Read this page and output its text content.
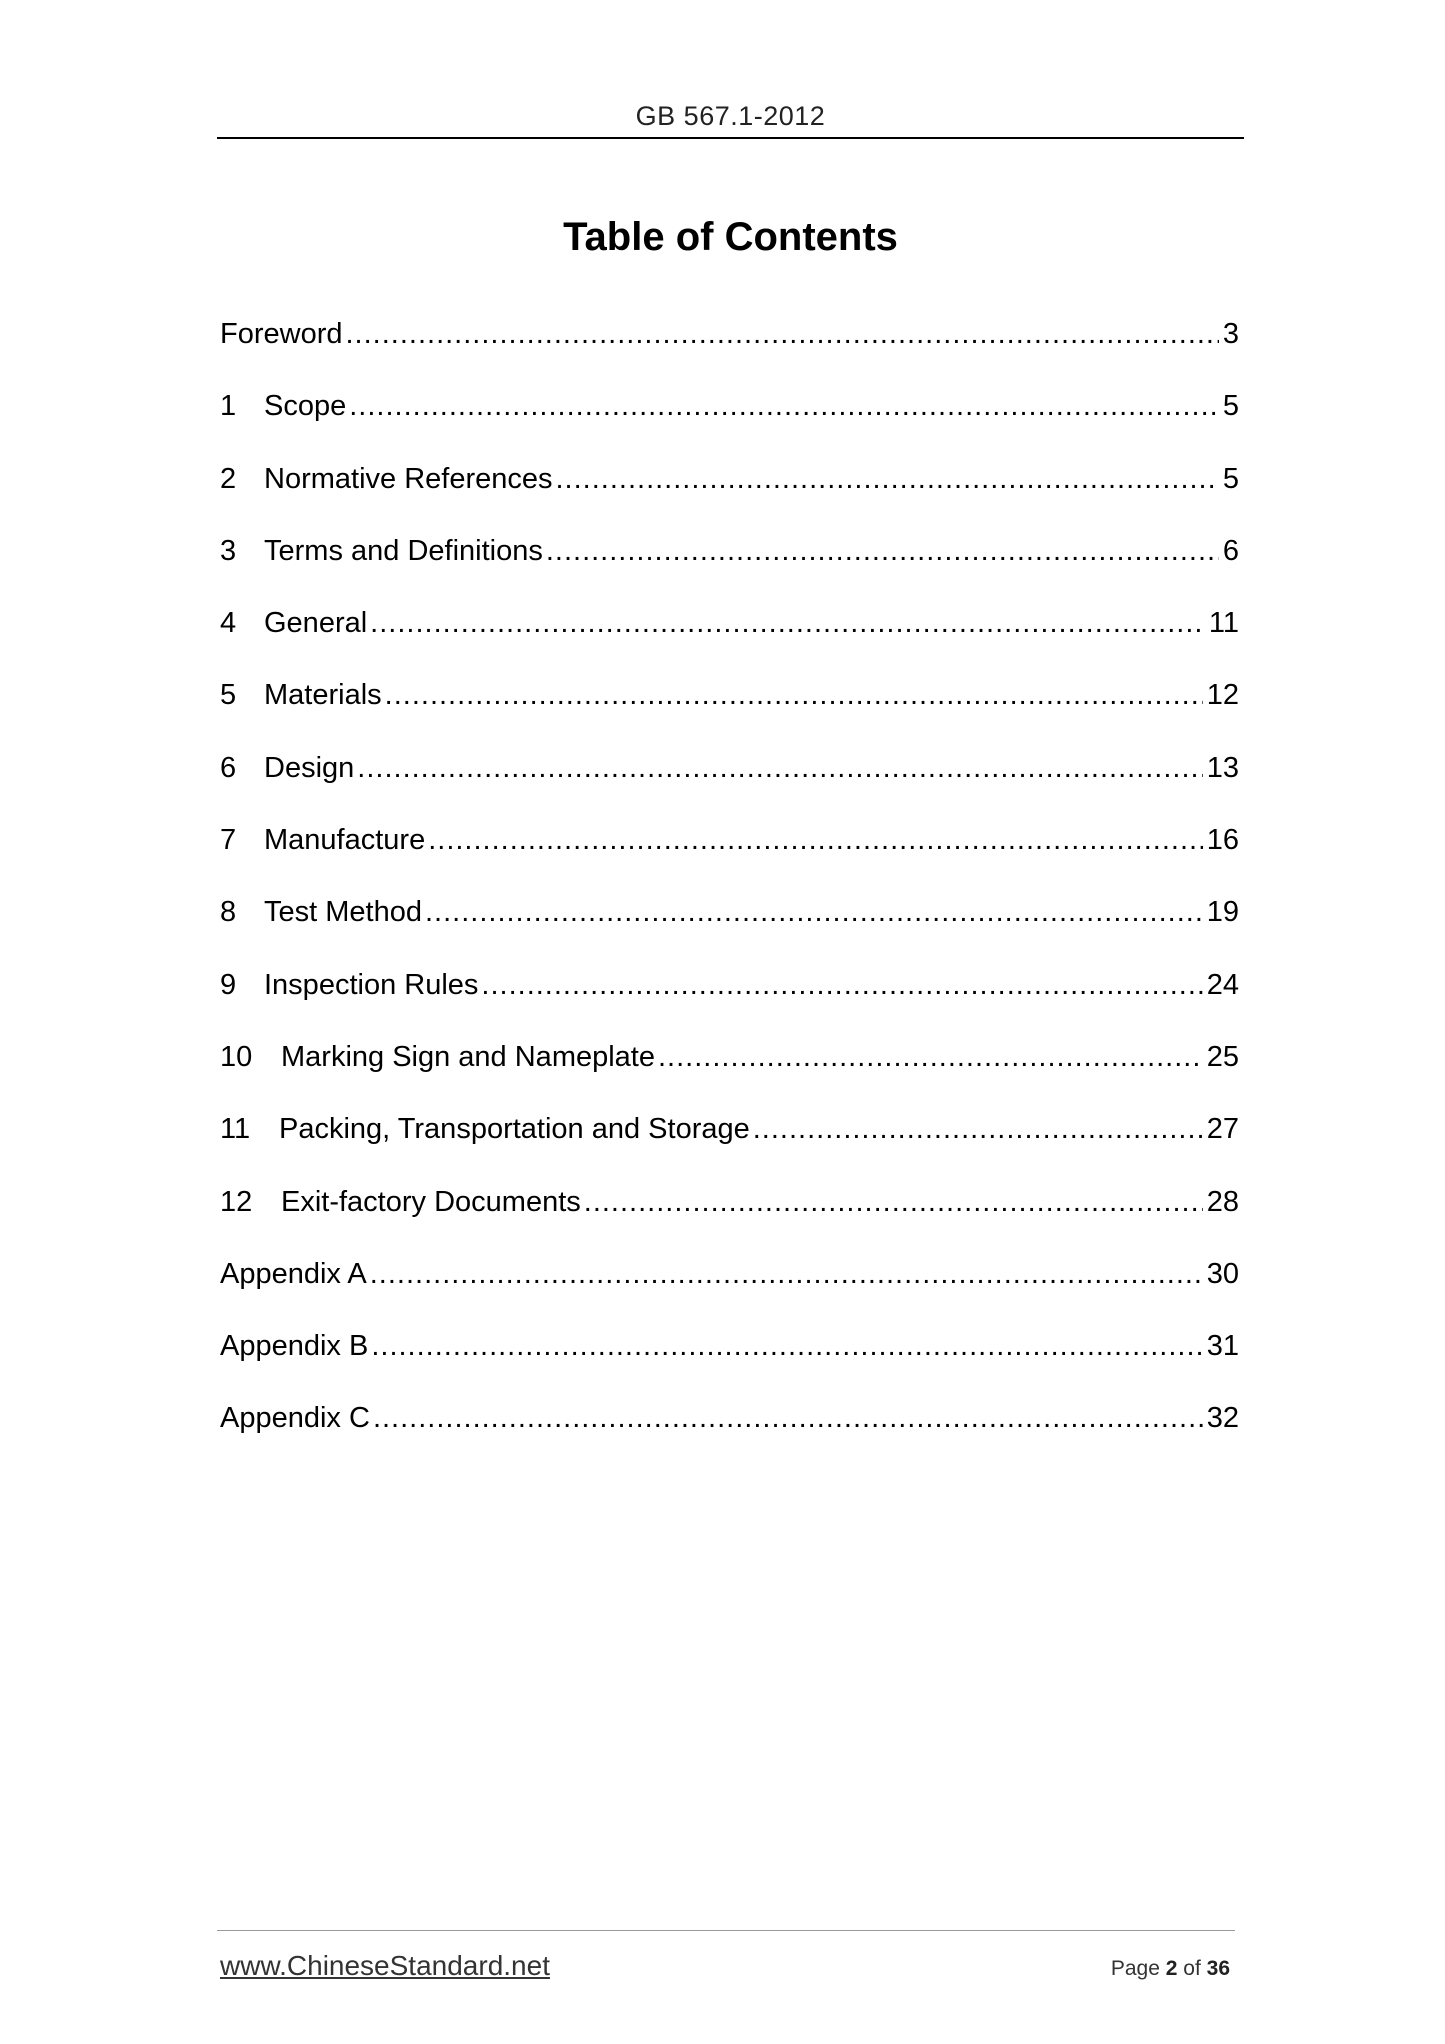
GB 567.1-2012
Table of Contents
Foreword .....	3
1 Scope .....	5
2 Normative References .....	5
3 Terms and Definitions .....	6
4 General .....	11
5 Materials .....	12
6 Design .....	13
7 Manufacture .....	16
8 Test Method .....	19
9 Inspection Rules .....	24
10 Marking Sign and Nameplate .....	25
11 Packing, Transportation and Storage .....	27
12 Exit-factory Documents .....	28
Appendix A .....	30
Appendix B .....	31
Appendix C .....	32
www.ChineseStandard.net	Page 2 of 36
